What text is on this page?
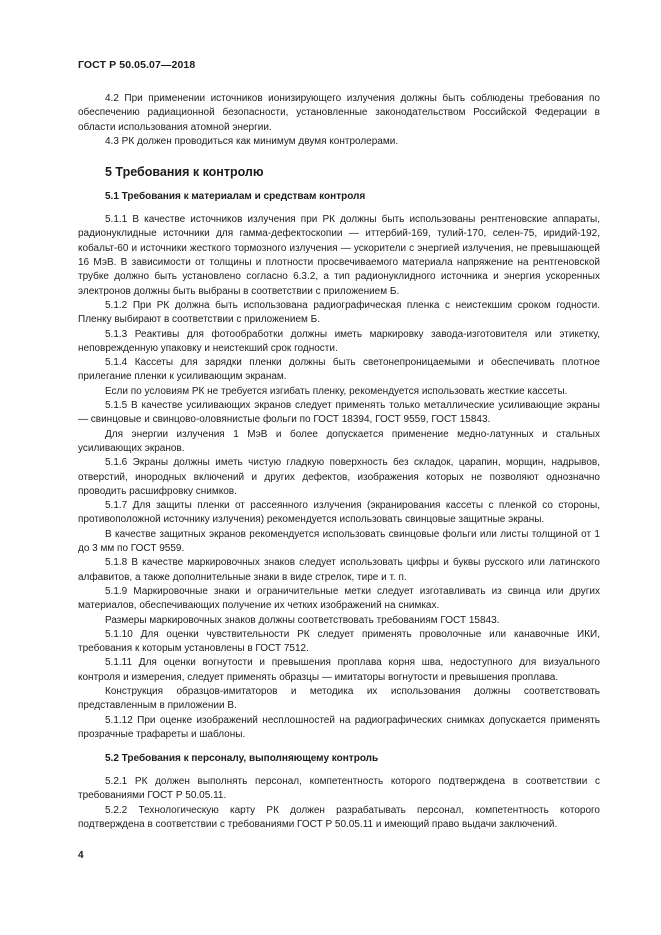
ГОСТ Р 50.05.07—2018

4.2 При применении источников ионизирующего излучения должны быть соблюдены требования по обеспечению радиационной безопасности, установленные законодательством Российской Федерации в области использования атомной энергии.

4.3 РК должен проводиться как минимум двумя контролерами.

5 Требования к контролю
5.1 Требования к материалам и средствам контроля

5.1.1 В качестве источников излучения при РК должны быть использованы рентгеновские аппараты, радионуклидные источники для гамма-дефектоскопии — иттербий-169, тулий-170, селен-75, иридий-192, кобальт-60 и источники жесткого тормозного излучения — ускорители с энергией излучения, не превышающей 16 МэВ. В зависимости от толщины и плотности просвечиваемого материала напряжение на рентгеновской трубке должно быть установлено согласно 6.3.2, а тип радионуклидного источника и энергия ускоренных электронов должны быть выбраны в соответствии с приложением Б.

5.1.2 При РК должна быть использована радиографическая пленка с неистекшим сроком годности. Пленку выбирают в соответствии с приложением Б.

5.1.3 Реактивы для фотообработки должны иметь маркировку завода-изготовителя или этикетку, неповрежденную упаковку и неистекший срок годности.

5.1.4 Кассеты для зарядки пленки должны быть светонепроницаемыми и обеспечивать плотное прилегание пленки к усиливающим экранам.

Если по условиям РК не требуется изгибать пленку, рекомендуется использовать жесткие кассеты.

5.1.5 В качестве усиливающих экранов следует применять только металлические усиливающие экраны — свинцовые и свинцово-оловянистые фольги по ГОСТ 18394, ГОСТ 9559, ГОСТ 15843.

Для энергии излучения 1 МэВ и более допускается применение медно-латунных и стальных усиливающих экранов.

5.1.6 Экраны должны иметь чистую гладкую поверхность без складок, царапин, морщин, надрывов, отверстий, инородных включений и других дефектов, изображения которых не позволяют однозначно проводить расшифровку снимков.

5.1.7 Для защиты пленки от рассеянного излучения (экранирования кассеты с пленкой со стороны, противоположной источнику излучения) рекомендуется использовать свинцовые защитные экраны.

В качестве защитных экранов рекомендуется использовать свинцовые фольги или листы толщиной от 1 до 3 мм по ГОСТ 9559.

5.1.8 В качестве маркировочных знаков следует использовать цифры и буквы русского или латинского алфавитов, а также дополнительные знаки в виде стрелок, тире и т. п.

5.1.9 Маркировочные знаки и ограничительные метки следует изготавливать из свинца или других материалов, обеспечивающих получение их четких изображений на снимках.

Размеры маркировочных знаков должны соответствовать требованиям ГОСТ 15843.

5.1.10 Для оценки чувствительности РК следует применять проволочные или канавочные ИКИ, требования к которым установлены в ГОСТ 7512.

5.1.11 Для оценки вогнутости и превышения проплава корня шва, недоступного для визуального контроля и измерения, следует применять образцы — имитаторы вогнутости и превышения проплава.

Конструкция образцов-имитаторов и методика их использования должны соответствовать представленным в приложении В.

5.1.12 При оценке изображений несплошностей на радиографических снимках допускается применять прозрачные трафареты и шаблоны.

5.2 Требования к персоналу, выполняющему контроль

5.2.1 РК должен выполнять персонал, компетентность которого подтверждена в соответствии с требованиями ГОСТ Р 50.05.11.

5.2.2 Технологическую карту РК должен разрабатывать персонал, компетентность которого подтверждена в соответствии с требованиями ГОСТ Р 50.05.11 и имеющий право выдачи заключений.

4
